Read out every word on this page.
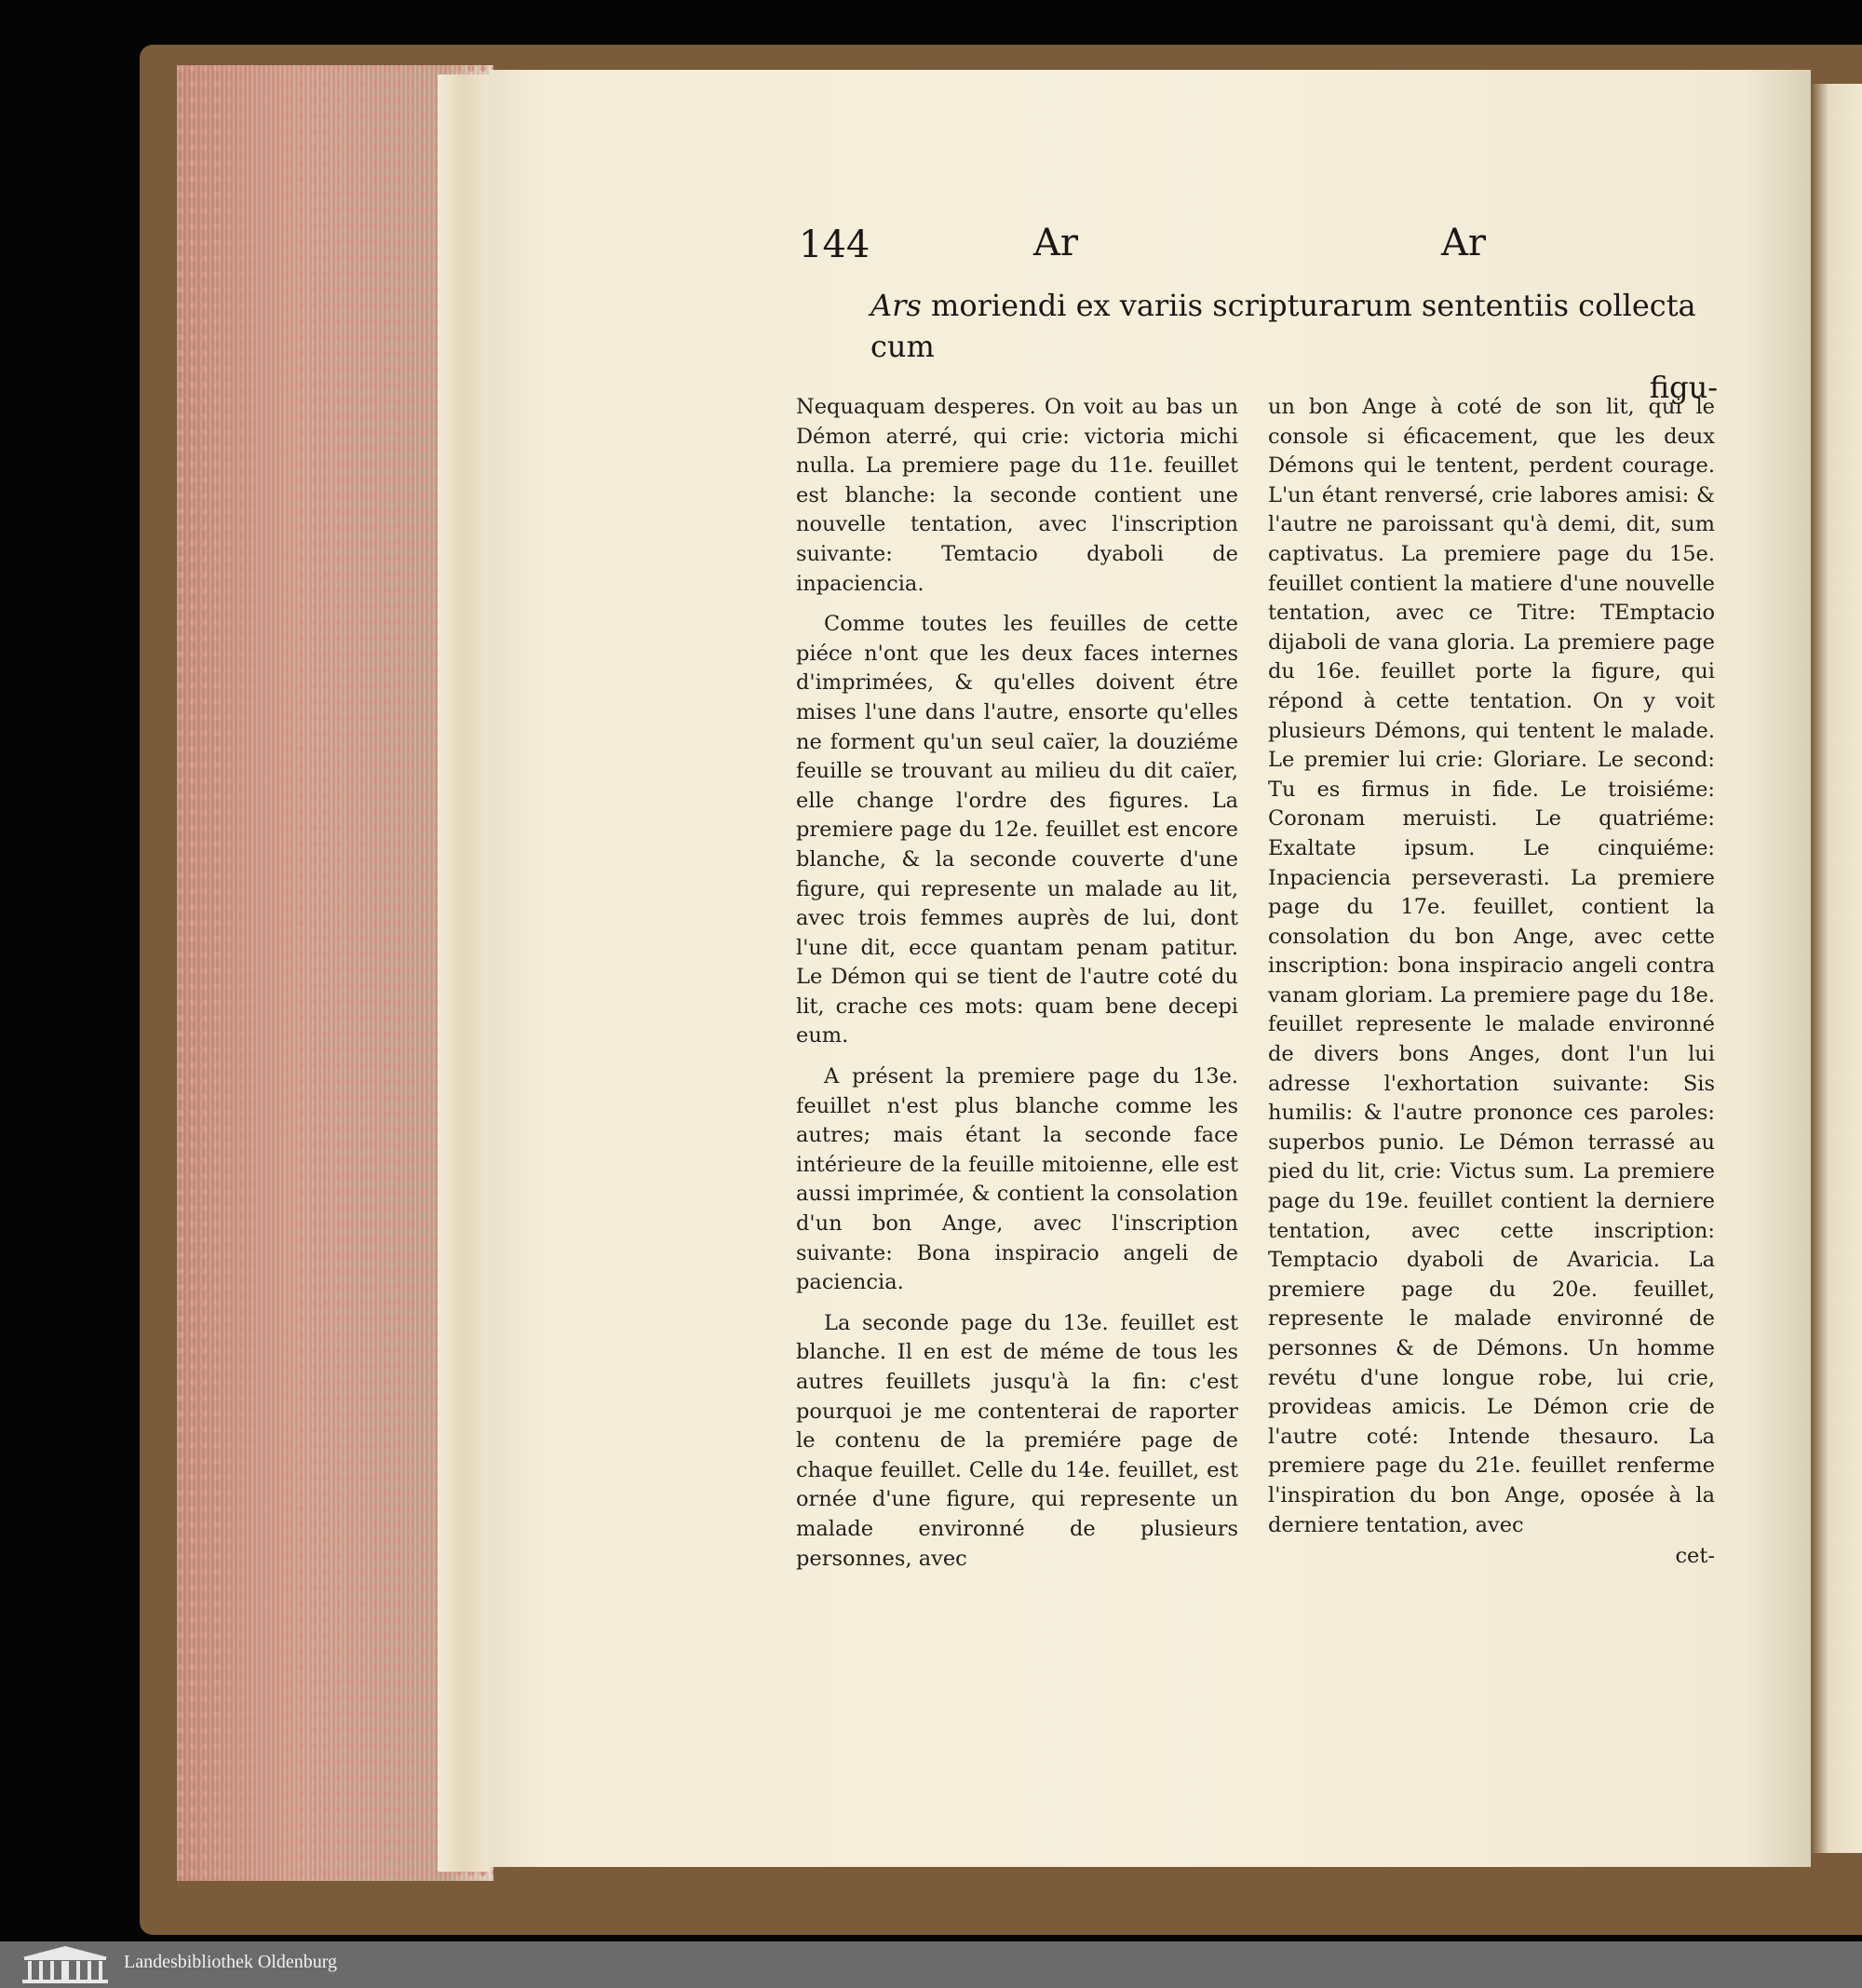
144	Ar	Ar
Ars moriendi ex variis scripturarum sententiis collecta cum
figu-

Nequaquam desperes. On voit au bas un Démon aterré, qui crie: victoria michi nulla. La premiere page du 11e. feuillet est blanche: la seconde contient une nouvelle tentation, avec l'inscription suivante: Temtacio dyaboli de inpaciencia.

Comme toutes les feuilles de cette piéce n'ont que les deux faces internes d'imprimées, & qu'elles doivent étre mises l'une dans l'autre, ensorte qu'elles ne forment qu'un seul caïer, la douziéme feuille se trouvant au milieu du dit caïer, elle change l'ordre des figures. La premiere page du 12e. feuillet est encore blanche, & la seconde couverte d'une figure, qui represente un malade au lit, avec trois femmes auprès de lui, dont l'une dit, ecce quantam penam patitur. Le Démon qui se tient de l'autre coté du lit, crache ces mots: quam bene decepi eum.

A présent la premiere page du 13e. feuillet n'est plus blanche comme les autres; mais étant la seconde face intérieure de la feuille mitoienne, elle est aussi imprimée, & contient la consolation d'un bon Ange, avec l'inscription suivante: Bona inspiracio angeli de paciencia.

La seconde page du 13e. feuillet est blanche. Il en est de méme de tous les autres feuillets jusqu'à la fin: c'est pourquoi je me contenterai de raporter le contenu de la premiére page de chaque feuillet. Celle du 14e. feuillet, est ornée d'une figure, qui represente un malade environné de plusieurs personnes, avec

un bon Ange à coté de son lit, qui le console si éficacement, que les deux Démons qui le tentent, perdent courage. L'un étant renversé, crie labores amisi: & l'autre ne paroissant qu'à demi, dit, sum captivatus. La premiere page du 15e. feuillet contient la matiere d'une nouvelle tentation, avec ce Titre: TEmptacio dijaboli de vana gloria. La premiere page du 16e. feuillet porte la figure, qui répond à cette tentation. On y voit plusieurs Démons, qui tentent le malade. Le premier lui crie: Gloriare. Le second: Tu es firmus in fide. Le troisiéme: Coronam meruisti. Le quatriéme: Exaltate ipsum. Le cinquiéme: Inpaciencia perseverasti. La premiere page du 17e. feuillet, contient la consolation du bon Ange, avec cette inscription: bona inspiracio angeli contra vanam gloriam. La premiere page du 18e. feuillet represente le malade environné de divers bons Anges, dont l'un lui adresse l'exhortation suivante: Sis humilis: & l'autre prononce ces paroles: superbos punio. Le Démon terrassé au pied du lit, crie: Victus sum. La premiere page du 19e. feuillet contient la derniere tentation, avec cette inscription: Temptacio dyaboli de Avaricia. La premiere page du 20e. feuillet, represente le malade environné de personnes & de Démons. Un homme revétu d'une longue robe, lui crie, provideas amicis. Le Démon crie de l'autre coté: Intende thesauro. La premiere page du 21e. feuillet renferme l'inspiration du bon Ange, oposée à la derniere tentation, avec

cet-

Landesbibliothek Oldenburg
